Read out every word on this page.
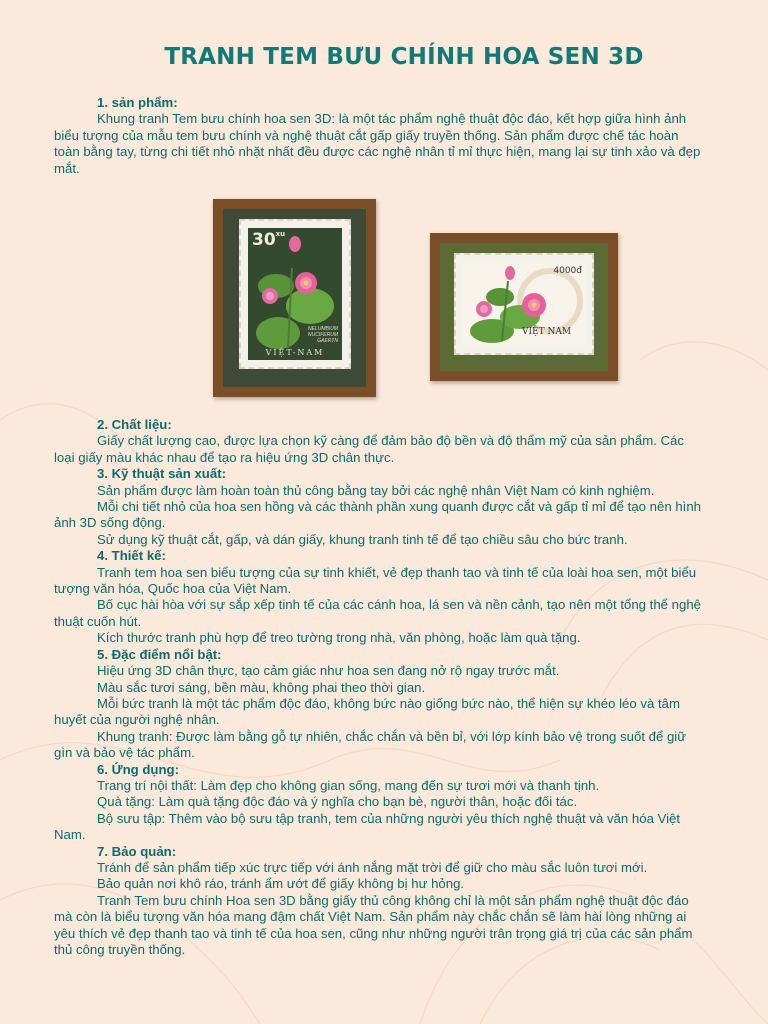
TRANH TEM BƯU CHÍNH HOA SEN 3D

1. sản phẩm:

Khung tranh Tem bưu chính hoa sen 3D: là một tác phẩm nghệ thuật độc đáo, kết hợp giữa hình ảnh biểu tượng của mẫu tem bưu chính và nghệ thuật cắt gấp giấy truyền thống. Sản phẩm được chế tác hoàn toàn bằng tay, từng chi tiết nhỏ nhặt nhất đều được các nghệ nhân tỉ mỉ thực hiện, mang lại sự tinh xảo và đẹp mắt.

$30^{xu}$
NELUMBIUM
NUCIFERUM
GAERTN
VIỆT-NAM
4000đ
VIỆT NAM

2. Chất liệu:

Giấy chất lượng cao, được lựa chọn kỹ càng để đảm bảo độ bền và độ thẩm mỹ của sản phẩm. Các loại giấy màu khác nhau để tạo ra hiệu ứng 3D chân thực.

3. Kỹ thuật sản xuất:

Sản phẩm được làm hoàn toàn thủ công bằng tay bởi các nghệ nhân Việt Nam có kinh nghiệm.

Mỗi chi tiết nhỏ của hoa sen hồng và các thành phần xung quanh được cắt và gấp tỉ mỉ để tạo nên hình ảnh 3D sống động.

Sử dụng kỹ thuật cắt, gấp, và dán giấy, khung tranh tinh tế để tạo chiều sâu cho bức tranh.

4. Thiết kế:

Tranh tem hoa sen biểu tượng của sự tinh khiết, vẻ đẹp thanh tao và tinh tế của loài hoa sen, một biểu tượng văn hóa, Quốc hoa của Việt Nam.

Bố cục hài hòa với sự sắp xếp tinh tế của các cánh hoa, lá sen và nền cảnh, tạo nên một tổng thể nghệ thuật cuốn hút.

Kích thước tranh phù hợp để treo tường trong nhà, văn phòng, hoặc làm quà tặng.

5. Đặc điểm nổi bật:

Hiệu ứng 3D chân thực, tạo cảm giác như hoa sen đang nở rộ ngay trước mắt.

Màu sắc tươi sáng, bền màu, không phai theo thời gian.

Mỗi bức tranh là một tác phẩm độc đáo, không bức nào giống bức nào, thể hiện sự khéo léo và tâm huyết của người nghệ nhân.

Khung tranh: Được làm bằng gỗ tự nhiên, chắc chắn và bền bỉ, với lớp kính bảo vệ trong suốt để giữ gìn và bảo vệ tác phẩm.

6. Ứng dụng:

Trang trí nội thất: Làm đẹp cho không gian sống, mang đến sự tươi mới và thanh tịnh.

Quà tặng: Làm quà tặng độc đáo và ý nghĩa cho bạn bè, người thân, hoặc đối tác.

Bộ sưu tập: Thêm vào bộ sưu tập tranh, tem của những người yêu thích nghệ thuật và văn hóa Việt Nam.

7. Bảo quản:

Tránh để sản phẩm tiếp xúc trực tiếp với ánh nắng mặt trời để giữ cho màu sắc luôn tươi mới.

Bảo quản nơi khô ráo, tránh ẩm ướt để giấy không bị hư hỏng.

Tranh Tem bưu chính Hoa sen 3D bằng giấy thủ công không chỉ là một sản phẩm nghệ thuật độc đáo mà còn là biểu tượng văn hóa mang đậm chất Việt Nam. Sản phẩm này chắc chắn sẽ làm hài lòng những ai yêu thích vẻ đẹp thanh tao và tinh tế của hoa sen, cũng như những người trân trọng giá trị của các sản phẩm thủ công truyền thống.
